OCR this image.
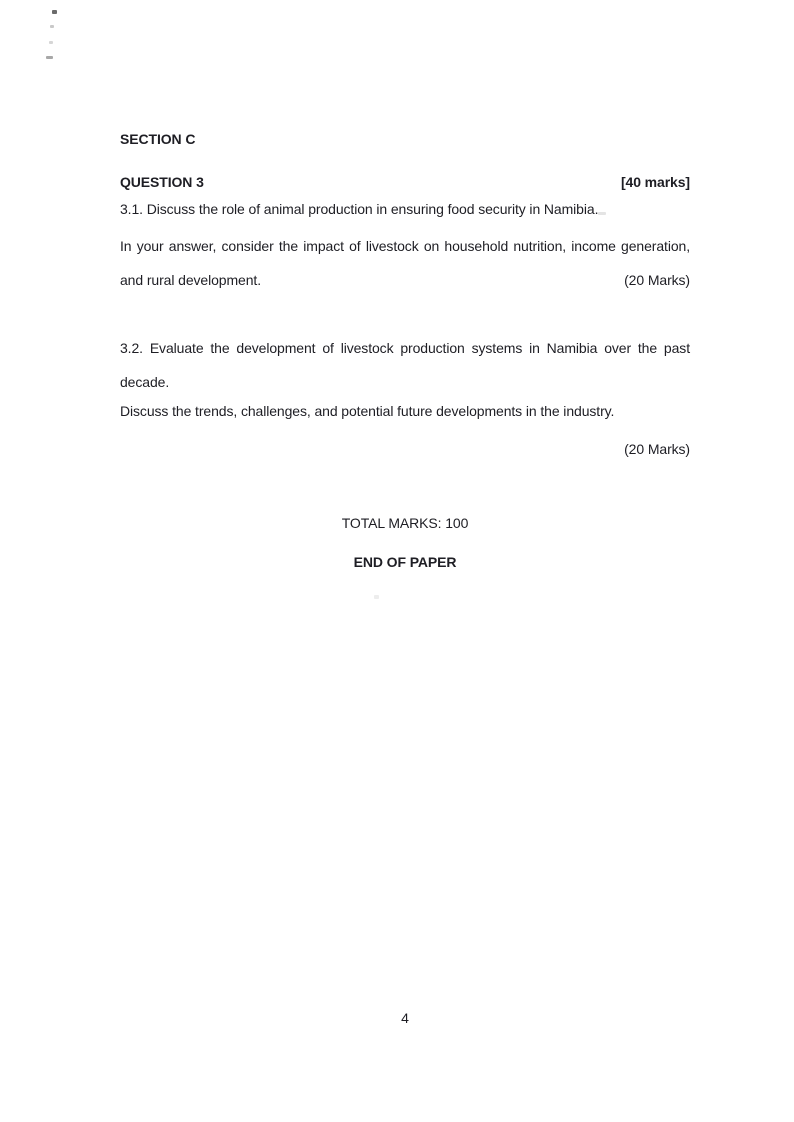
SECTION C
QUESTION 3	[40 marks]
3.1. Discuss the role of animal production in ensuring food security in Namibia.
In your answer, consider the impact of livestock on household nutrition, income generation, and rural development.	(20 Marks)
3.2. Evaluate the development of livestock production systems in Namibia over the past decade.
Discuss the trends, challenges, and potential future developments in the industry.
(20 Marks)
TOTAL MARKS: 100
END OF PAPER
4
